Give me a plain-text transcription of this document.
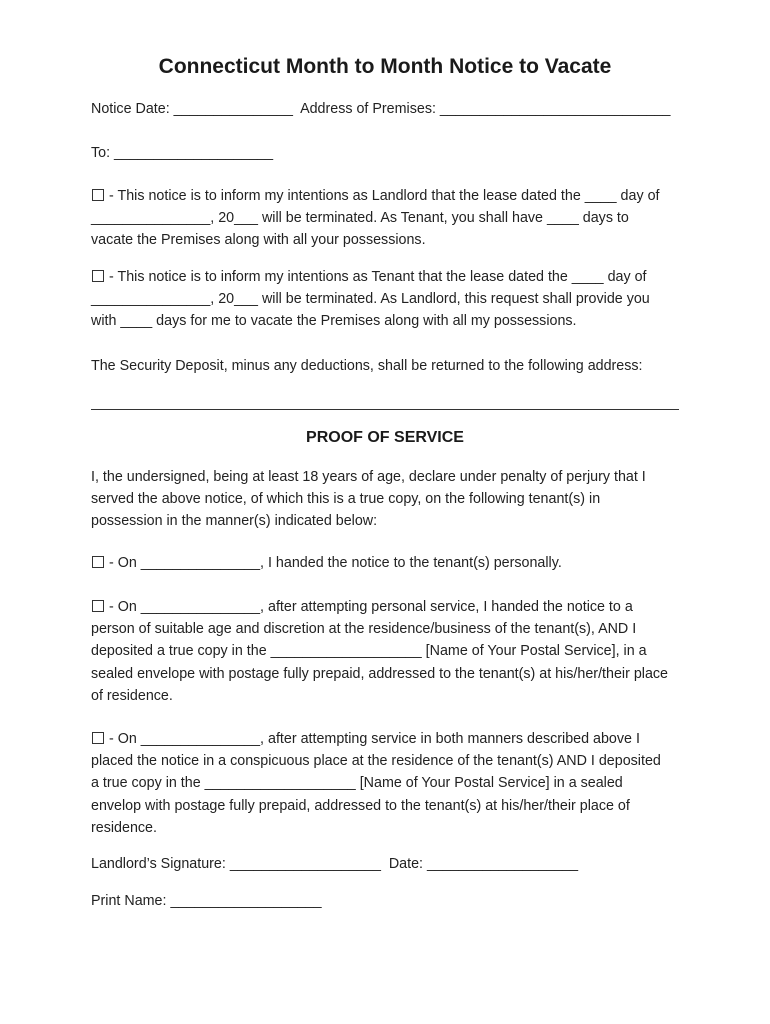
Connecticut Month to Month Notice to Vacate
Notice Date: _______________  Address of Premises: _____________________________
To: ____________________
- This notice is to inform my intentions as Landlord that the lease dated the ____ day of
_______________, 20___ will be terminated. As Tenant, you shall have ____ days to
vacate the Premises along with all your possessions.
- This notice is to inform my intentions as Tenant that the lease dated the ____ day of
_______________, 20___ will be terminated. As Landlord, this request shall provide you
with ____ days for me to vacate the Premises along with all my possessions.
The Security Deposit, minus any deductions, shall be returned to the following address:
PROOF OF SERVICE
I, the undersigned, being at least 18 years of age, declare under penalty of perjury that I
served the above notice, of which this is a true copy, on the following tenant(s) in
possession in the manner(s) indicated below:
- On _______________, I handed the notice to the tenant(s) personally.
- On _______________, after attempting personal service, I handed the notice to a
person of suitable age and discretion at the residence/business of the tenant(s), AND I
deposited a true copy in the ___________________ [Name of Your Postal Service], in a
sealed envelope with postage fully prepaid, addressed to the tenant(s) at his/her/their place
of residence.
- On _______________, after attempting service in both manners described above I
placed the notice in a conspicuous place at the residence of the tenant(s) AND I deposited
a true copy in the ___________________ [Name of Your Postal Service] in a sealed
envelop with postage fully prepaid, addressed to the tenant(s) at his/her/their place of
residence.
Landlord’s Signature: ___________________  Date: ___________________
Print Name: ___________________
